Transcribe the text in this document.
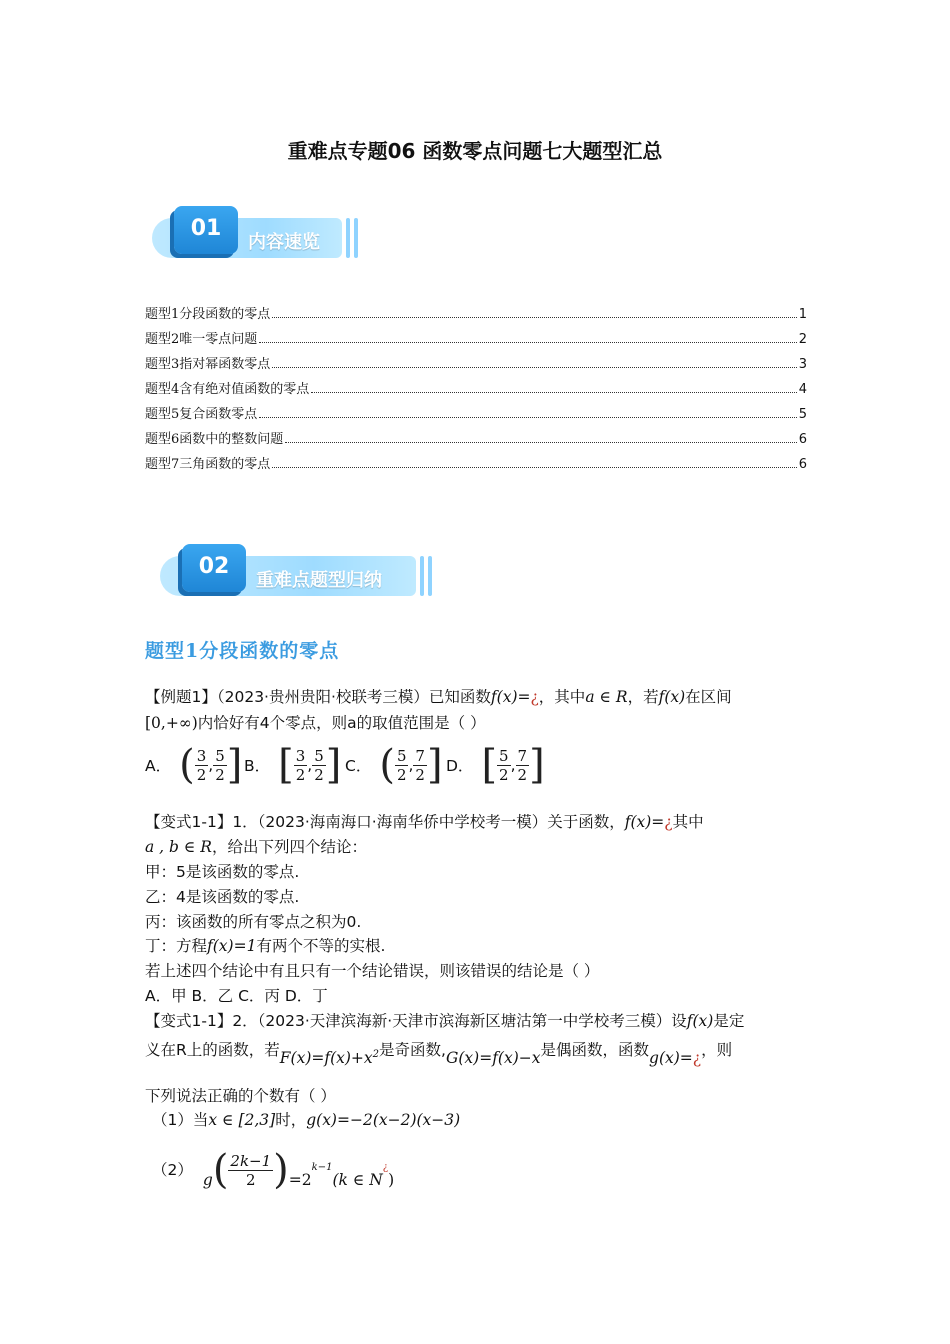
重难点专题06 函数零点问题七大题型汇总
01
内容速览
题型1分段函数的零点	1
题型2唯一零点问题	2
题型3指对幂函数零点	3
题型4含有绝对值函数的零点	4
题型5复合函数零点	5
题型6函数中的整数问题	6
题型7三角函数的零点	6
02
重难点题型归纳
题型1分段函数的零点
【例题1】（2023·贵州贵阳·校联考三模）已知函数f(x)=¿，其中a ∈ R，若f(x)在区间
[0,+∞)内恰好有4个零点，则a的取值范围是（ ）
A． ( $\frac{3}{2}$ , $\frac{5}{2}$ ] B． [ $\frac{3}{2}$ , $\frac{5}{2}$ ] C． ( $\frac{5}{2}$ , $\frac{7}{2}$ ] D． [ $\frac{5}{2}$ , $\frac{7}{2}$ ]
【变式1-1】1．（2023·海南海口·海南华侨中学校考一模）关于函数，f(x)=¿其中
a , b ∈ R，给出下列四个结论：
甲：5是该函数的零点.
乙：4是该函数的零点.
丙：该函数的所有零点之积为0.
丁：方程f(x)=1有两个不等的实根.
若上述四个结论中有且只有一个结论错误，则该错误的结论是（ ）
A．甲 B．乙 C．丙 D．丁
【变式1-1】2．（2023·天津滨海新·天津市滨海新区塘沽第一中学校考三模）设f(x)是定
义在R上的函数，若$F(x)=f(x)+x^2$是奇函数,G(x)=f(x)−x是偶函数，函数g(x)=¿，则
下列说法正确的个数有（ ）
（1）当x ∈ [2,3]时，g(x)=−2(x−2)(x−3)
（2）
g ( $\frac{2k-1}{2}$ ) =2
$^{k-1}$
(k ∈ N
¿
)
